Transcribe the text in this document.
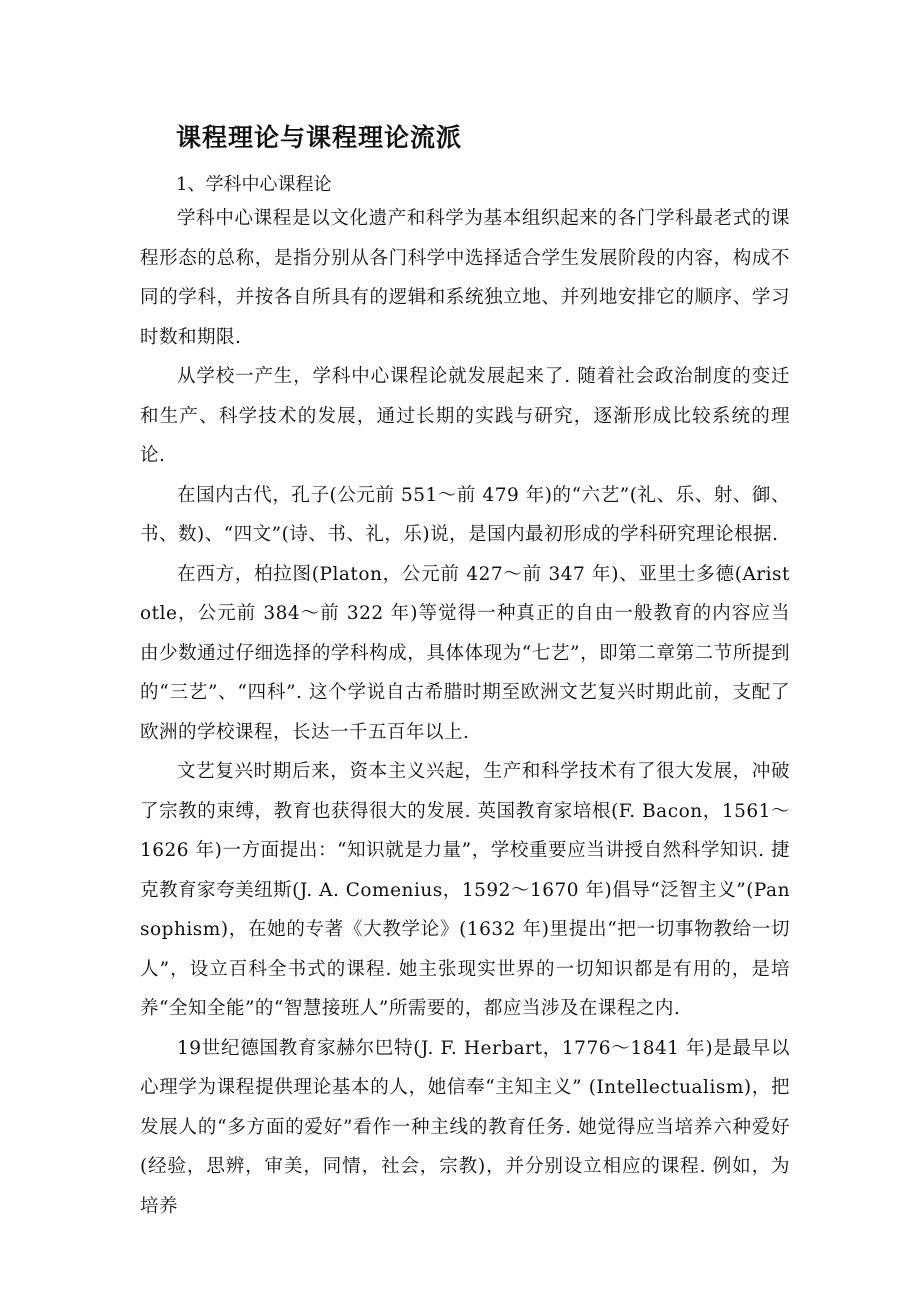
课程理论与课程理论流派
1、学科中心课程论

学科中心课程是以文化遗产和科学为基本组织起来的各门学科最老式的课程形态的总称，是指分别从各门科学中选择适合学生发展阶段的内容，构成不同的学科，并按各自所具有的逻辑和系统独立地、并列地安排它的顺序、学习时数和期限.

从学校一产生，学科中心课程论就发展起来了. 随着社会政治制度的变迁和生产、科学技术的发展，通过长期的实践与研究，逐渐形成比较系统的理论.

在国内古代，孔子(公元前 551～前 479 年)的“六艺”(礼、乐、射、御、书、数)、“四文”(诗、书、礼，乐)说，是国内最初形成的学科研究理论根据.

在西方，柏拉图(Platon，公元前 427～前 347 年)、亚里士多德(Aristotle，公元前 384～前 322 年)等觉得一种真正的自由一般教育的内容应当由少数通过仔细选择的学科构成，具体体现为“七艺”，即第二章第二节所提到的“三艺”、“四科”. 这个学说自古希腊时期至欧洲文艺复兴时期此前，支配了欧洲的学校课程，长达一千五百年以上.

文艺复兴时期后来，资本主义兴起，生产和科学技术有了很大发展，冲破了宗教的束缚，教育也获得很大的发展. 英国教育家培根(F. Bacon，1561～1626 年)一方面提出：“知识就是力量”，学校重要应当讲授自然科学知识. 捷克教育家夸美纽斯(J. A. Comenius，1592～1670 年)倡导“泛智主义”(Pansophism)，在她的专著《大教学论》(1632 年)里提出“把一切事物教给一切人”，设立百科全书式的课程. 她主张现实世界的一切知识都是有用的，是培养“全知全能”的“智慧接班人”所需要的，都应当涉及在课程之内.

19世纪德国教育家赫尔巴特(J. F. Herbart，1776～1841 年)是最早以心理学为课程提供理论基本的人，她信奉“主知主义” (Intellectualism)，把发展人的“多方面的爱好”看作一种主线的教育任务. 她觉得应当培养六种爱好(经验，思辨，审美，同情，社会，宗教)，并分别设立相应的课程. 例如，为培养
